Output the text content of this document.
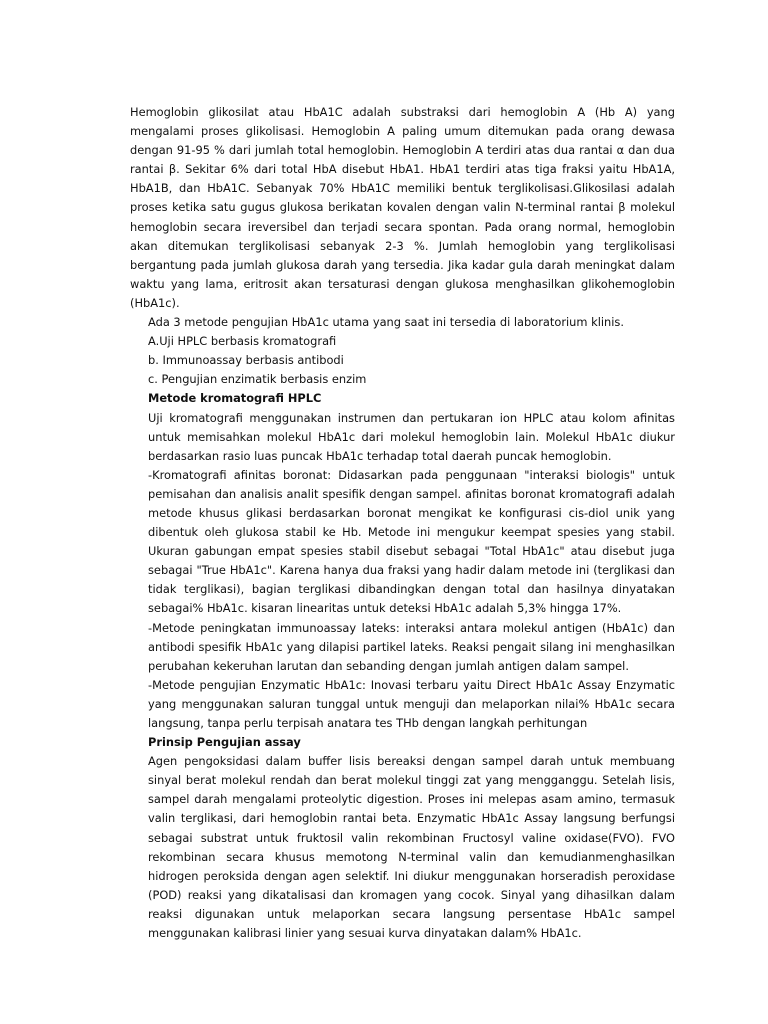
Hemoglobin glikosilat atau HbA1C adalah substraksi dari hemoglobin A (Hb A) yang mengalami proses glikolisasi. Hemoglobin A paling umum ditemukan pada orang dewasa dengan 91-95 % dari jumlah total hemoglobin. Hemoglobin A terdiri atas dua rantai α dan dua rantai β. Sekitar 6% dari total HbA disebut HbA1. HbA1 terdiri atas tiga fraksi yaitu HbA1A, HbA1B, dan HbA1C. Sebanyak 70% HbA1C memiliki bentuk terglikolisasi.Glikosilasi adalah proses ketika satu gugus glukosa berikatan kovalen dengan valin N-terminal rantai β molekul hemoglobin secara ireversibel dan terjadi secara spontan. Pada orang normal, hemoglobin akan ditemukan terglikolisasi sebanyak 2-3 %. Jumlah hemoglobin yang terglikolisasi bergantung pada jumlah glukosa darah yang tersedia. Jika kadar gula darah meningkat dalam waktu yang lama, eritrosit akan tersaturasi dengan glukosa menghasilkan glikohemoglobin (HbA1c).

Ada 3 metode pengujian HbA1c utama yang saat ini tersedia di laboratorium klinis.

A.Uji HPLC berbasis kromatografi

b. Immunoassay berbasis antibodi

c. Pengujian enzimatik berbasis enzim

Metode kromatografi HPLC

Uji kromatografi menggunakan instrumen dan pertukaran ion HPLC atau kolom afinitas untuk memisahkan molekul HbA1c dari molekul hemoglobin lain. Molekul HbA1c diukur berdasarkan rasio luas puncak HbA1c terhadap total daerah puncak hemoglobin.

-Kromatografi afinitas boronat: Didasarkan pada penggunaan "interaksi biologis" untuk pemisahan dan analisis analit spesifik dengan sampel. afinitas boronat kromatografi adalah metode khusus glikasi berdasarkan boronat mengikat ke konfigurasi cis-diol unik yang dibentuk oleh glukosa stabil ke Hb. Metode ini mengukur keempat spesies yang stabil. Ukuran gabungan empat spesies stabil disebut sebagai "Total HbA1c" atau disebut juga sebagai "True HbA1c". Karena hanya dua fraksi yang hadir dalam metode ini (terglikasi dan tidak terglikasi), bagian terglikasi dibandingkan dengan total dan hasilnya dinyatakan sebagai% HbA1c. kisaran linearitas untuk deteksi HbA1c adalah 5,3% hingga 17%.

-Metode peningkatan immunoassay lateks: interaksi antara molekul antigen (HbA1c) dan antibodi spesifik HbA1c yang dilapisi partikel lateks. Reaksi pengait silang ini menghasilkan perubahan kekeruhan larutan dan sebanding dengan jumlah antigen dalam sampel.

-Metode pengujian Enzymatic HbA1c: Inovasi terbaru yaitu Direct HbA1c Assay Enzymatic yang menggunakan saluran tunggal untuk menguji dan melaporkan nilai% HbA1c secara langsung, tanpa perlu terpisah anatara tes THb dengan langkah perhitungan

Prinsip Pengujian assay

Agen pengoksidasi dalam buffer lisis bereaksi dengan sampel darah untuk membuang sinyal berat molekul rendah dan berat molekul tinggi zat yang mengganggu. Setelah lisis, sampel darah mengalami proteolytic digestion. Proses ini melepas asam amino, termasuk valin terglikasi, dari hemoglobin rantai beta. Enzymatic HbA1c Assay langsung berfungsi sebagai substrat untuk fruktosil valin rekombinan Fructosyl valine oxidase(FVO). FVO rekombinan secara khusus memotong N-terminal valin dan kemudianmenghasilkan hidrogen peroksida dengan agen selektif. Ini diukur menggunakan horseradish peroxidase (POD) reaksi yang dikatalisasi dan kromagen yang cocok. Sinyal yang dihasilkan dalam reaksi digunakan untuk melaporkan secara langsung persentase HbA1c sampel menggunakan kalibrasi linier yang sesuai kurva dinyatakan dalam% HbA1c.
